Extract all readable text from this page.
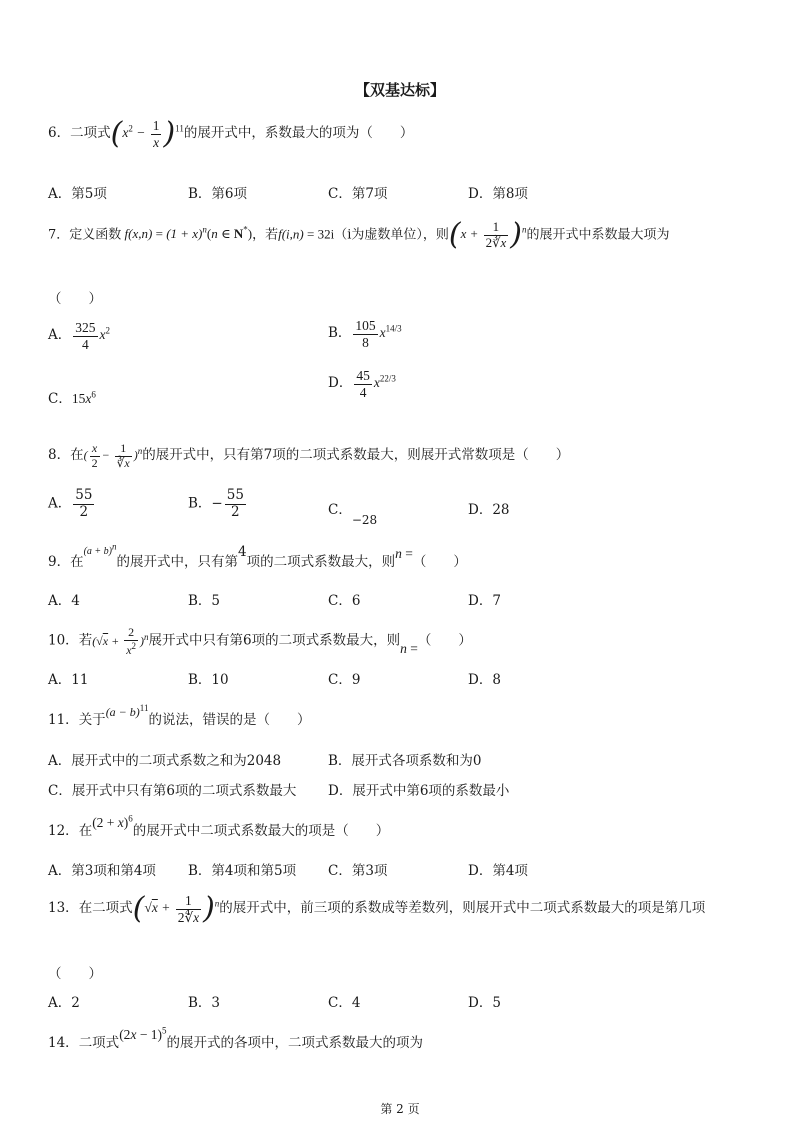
【双基达标】
6．二项式$(x^2 - \frac{1}{x} )^{11}$的展开式中，系数最大的项为（　　）
A．第5项	B．第6项	C．第7项	D．第8项
7．定义函数 $f(x,n) = (1 + x)^n(n$ ∈ N*)，若f(i,n) = 32i（i为虚数单位），则$(x + \frac{1}{2∛x} )^n$的展开式中系数最大项为
（　　）
A． $\frac{325}{4} x^2$	B． $\frac{105}{8} x^{14/3}$
C．$15x^6$
D． $\frac{45}{4} x^{22/3}$
8．在( $\frac{x}{2} - \frac{1}{∛x} )^n$的展开式中，只有第7项的二项式系数最大，则展开式常数项是（　　）
A． $\frac{55}{2}$	B．− $\frac{55}{2}$	C．−28
D．28
9．在$^{(a + b)^n}$的展开式中，只有第4项的二项式系数最大，则n =（　　）
A．4	B．5	C．6	D．7
10．若$(√x + \frac{2}{x^2} )^n$展开式中只有第6项的二项式系数最大，则n =（　　）
A．11	B．10	C．9	D．8
11．关于$(a - b)^{11}$的说法，错误的是（　　）
A．展开式中的二项式系数之和为2048	B．展开式各项系数和为0
C．展开式中只有第6项的二项式系数最大 D．展开式中第6项的系数最小
12．在$(2 + x)^6$的展开式中二项式系数最大的项是（　　）
A．第3项和第4项 B．第4项和第5项 C．第3项	D．第4项
13．在二项式$(√x + \frac{1}{2∜x} )^n$的展开式中，前三项的系数成等差数列，则展开式中二项式系数最大的项是第几项
（　　）
A．2	B．3	C．4	D．5
14．二项式$(2x - 1)^5$的展开式的各项中，二项式系数最大的项为
第 2 页
